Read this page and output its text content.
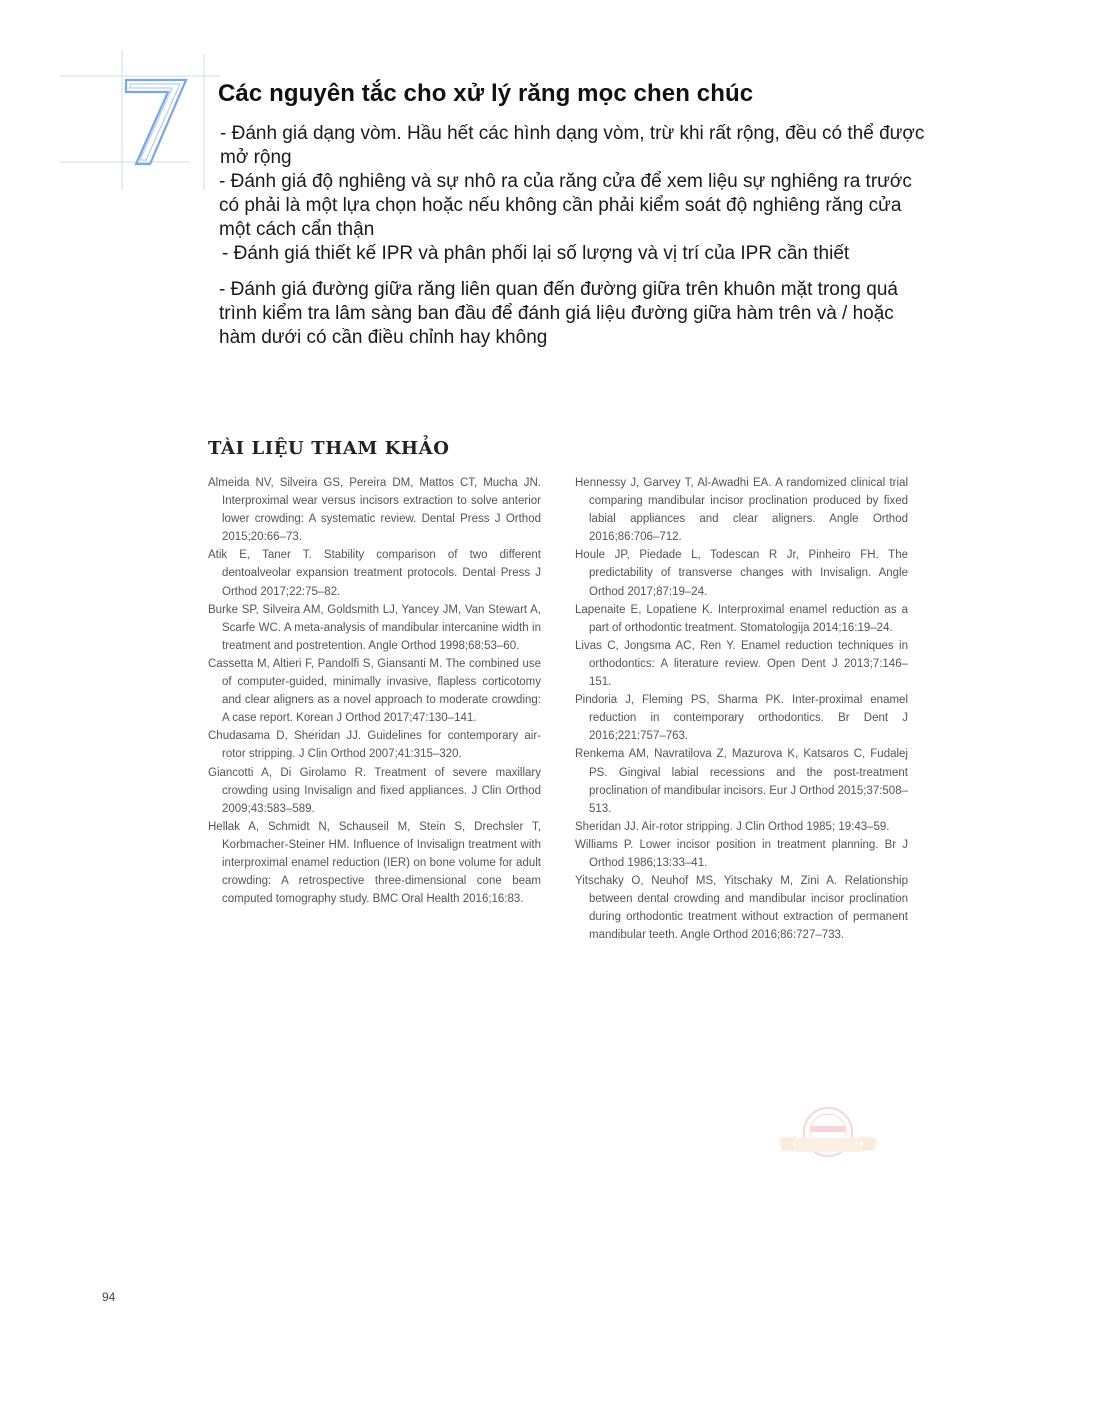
Các nguyên tắc cho xử lý răng mọc chen chúc

- Đánh giá dạng vòm. Hầu hết các hình dạng vòm, trừ khi rất rộng, đều có thể được
mở rộng

- Đánh giá độ nghiêng và sự nhô ra của răng cửa để xem liệu sự nghiêng ra trước
có phải là một lựa chọn hoặc nếu không cần phải kiểm soát độ nghiêng răng cửa
một cách cẩn thận

- Đánh giá thiết kế IPR và phân phối lại số lượng và vị trí của IPR cần thiết

- Đánh giá đường giữa răng liên quan đến đường giữa trên khuôn mặt trong quá
trình kiểm tra lâm sàng ban đầu để đánh giá liệu đường giữa hàm trên và / hoặc
hàm dưới có cần điều chỉnh hay không

TÀI LIỆU THAM KHẢO

Almeida NV, Silveira GS, Pereira DM, Mattos CT, Mucha JN. Interproximal wear versus incisors extraction to solve anterior lower crowding: A systematic review. Dental Press J Orthod 2015;20:66–73.

Atik E, Taner T. Stability comparison of two different dentoalveolar expansion treatment protocols. Dental Press J Orthod 2017;22:75–82.

Burke SP, Silveira AM, Goldsmith LJ, Yancey JM, Van Stewart A, Scarfe WC. A meta-analysis of mandibular intercanine width in treatment and postretention. Angle Orthod 1998;68:53–60.

Cassetta M, Altieri F, Pandolfi S, Giansanti M. The combined use of computer-guided, minimally invasive, flapless corticotomy and clear aligners as a novel approach to moderate crowding: A case report. Korean J Orthod 2017;47:130–141.

Chudasama D, Sheridan JJ. Guidelines for contemporary air-rotor stripping. J Clin Orthod 2007;41:315–320.

Giancotti A, Di Girolamo R. Treatment of severe maxillary crowding using Invisalign and fixed appliances. J Clin Orthod 2009;43:583–589.

Hellak A, Schmidt N, Schauseil M, Stein S, Drechsler T, Korbmacher-Steiner HM. Influence of Invisalign treatment with interproximal enamel reduction (IER) on bone volume for adult crowding: A retrospective three-dimensional cone beam computed tomography study. BMC Oral Health 2016;16:83.

Hennessy J, Garvey T, Al-Awadhi EA. A randomized clinical trial comparing mandibular incisor proclination produced by fixed labial appliances and clear aligners. Angle Orthod 2016;86:706–712.

Houle JP, Piedade L, Todescan R Jr, Pinheiro FH. The predictability of transverse changes with Invisalign. Angle Orthod 2017;87:19–24.

Lapenaite E, Lopatiene K. Interproximal enamel reduction as a part of orthodontic treatment. Stomatologija 2014;16:19–24.

Livas C, Jongsma AC, Ren Y. Enamel reduction techniques in orthodontics: A literature review. Open Dent J 2013;7:146–151.

Pindoria J, Fleming PS, Sharma PK. Inter-proximal enamel reduction in contemporary orthodontics. Br Dent J 2016;221:757–763.

Renkema AM, Navratilova Z, Mazurova K, Katsaros C, Fudalej PS. Gingival labial recessions and the post-treatment proclination of mandibular incisors. Eur J Orthod 2015;37:508–513.

Sheridan JJ. Air-rotor stripping. J Clin Orthod 1985; 19:43–59.

Williams P. Lower incisor position in treatment planning. Br J Orthod 1986;13:33–41.

Yitschaky O, Neuhof MS, Yitschaky M, Zini A. Relationship between dental crowding and mandibular incisor proclination during orthodontic treatment without extraction of permanent mandibular teeth. Angle Orthod 2016;86:727–733.

94
